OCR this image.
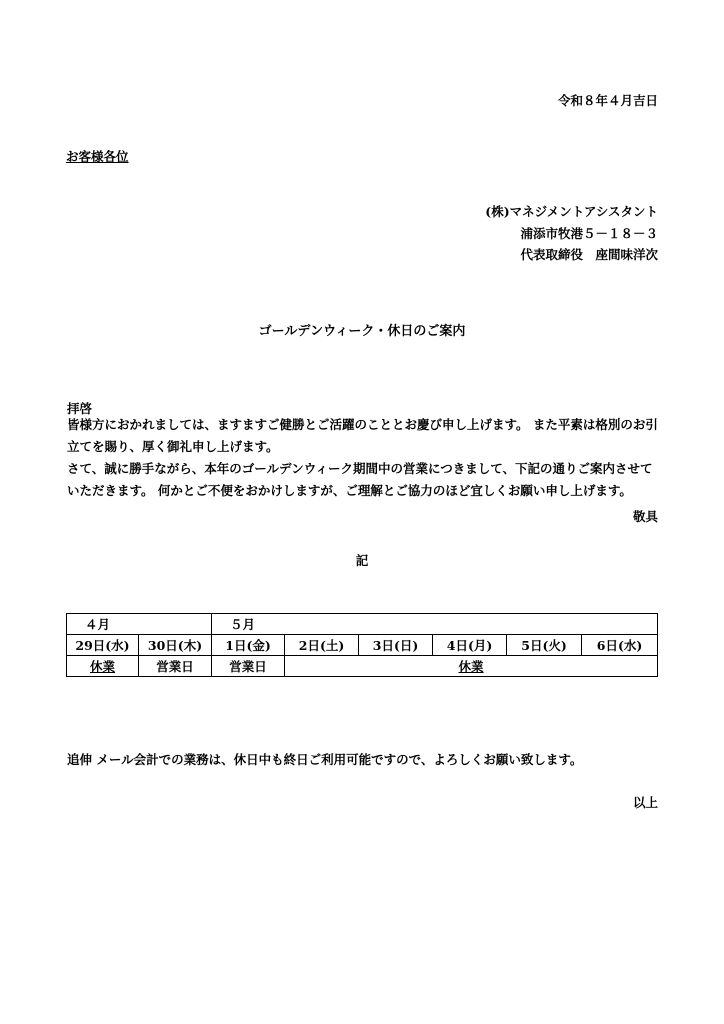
令和８年４月吉日
お客様各位
(株)マネジメントアシスタント
浦添市牧港５－１８－３
代表取締役　座間味洋次
ゴールデンウィーク・休日のご案内
拝啓

皆様方におかれましては、ますますご健勝とご活躍のこととお慶び申し上げます。 また平素は格別のお引立てを賜り、厚く御礼申し上げます。

さて、誠に勝手ながら、本年のゴールデンウィーク期間中の営業につきまして、下記の通りご案内させていただきます。 何かとご不便をおかけしますが、ご理解とご協力のほど宜しくお願い申し上げます。

敬具
記
４月		５月					
29日(水)	30日(木)	1日(金)	2日(土)	3日(日)	4日(月)	5日(火)	6日(水)
休業	営業日	営業日	休業				
追伸 メール会計での業務は、休日中も終日ご利用可能ですので、よろしくお願い致します。
以上
